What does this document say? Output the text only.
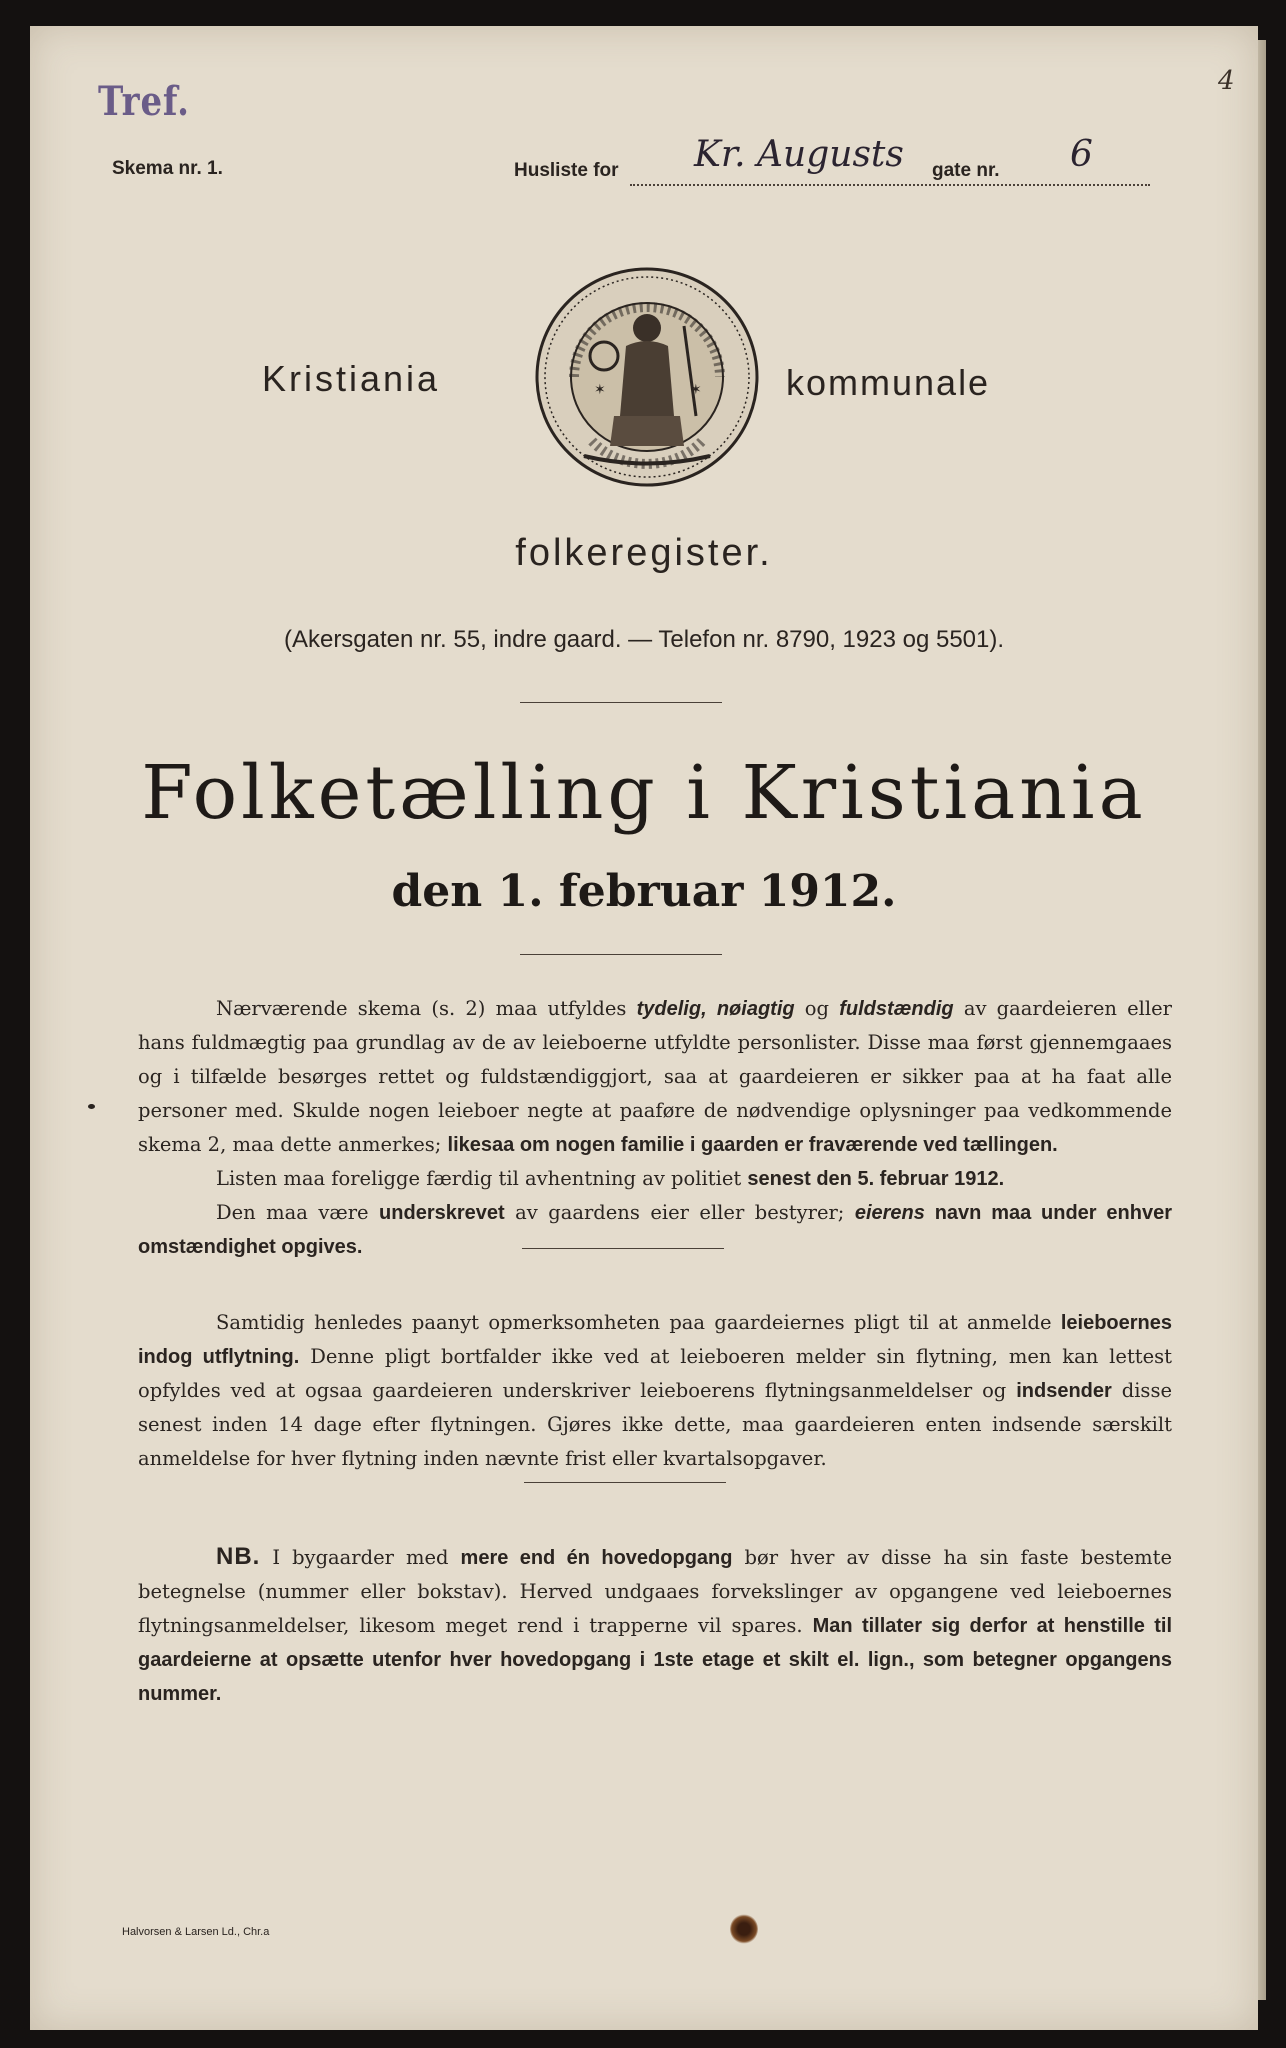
4
Tref.
Skema nr. 1.	Husliste for Kr. Augusts gate nr. 6
Kristiania	kommunale
✶	✶
folkeregister.
(Akersgaten nr. 55, indre gaard. — Telefon nr. 8790, 1923 og 5501).
Folketælling i Kristiania
den 1. februar 1912.

Nærværende skema (s. 2) maa utfyldes tydelig, nøiagtig og fuldstændig av gaardeieren eller hans fuldmægtig paa grundlag av de av leieboerne utfyldte personlister. Disse maa først gjennemgaaes og i tilfælde besørges rettet og fuldstændiggjort, saa at gaardeieren er sikker paa at ha faat alle personer med. Skulde nogen leieboer negte at paaføre de nødvendige oplysninger paa vedkommende skema 2, maa dette anmerkes; likesaa om nogen familie i gaarden er fraværende ved tællingen.

Listen maa foreligge færdig til avhentning av politiet senest den 5. februar 1912.

Den maa være underskrevet av gaardens eier eller bestyrer; eierens navn maa under enhver omstændighet opgives.

Samtidig henledes paanyt opmerksomheten paa gaardeiernes pligt til at anmelde leieboernes indog utflytning. Denne pligt bortfalder ikke ved at leieboeren melder sin flytning, men kan lettest opfyldes ved at ogsaa gaardeieren underskriver leieboerens flytningsanmeldelser og indsender disse senest inden 14 dage efter flytningen. Gjøres ikke dette, maa gaardeieren enten indsende særskilt anmeldelse for hver flytning inden nævnte frist eller kvartalsopgaver.

NB. I bygaarder med mere end én hovedopgang bør hver av disse ha sin faste bestemte betegnelse (nummer eller bokstav). Herved undgaaes forvekslinger av opgangene ved leieboernes flytningsanmeldelser, likesom meget rend i trapperne vil spares. Man tillater sig derfor at henstille til gaardeierne at opsætte utenfor hver hovedopgang i 1ste etage et skilt el. lign., som betegner opgangens nummer.

Halvorsen & Larsen Ld., Chr.a
